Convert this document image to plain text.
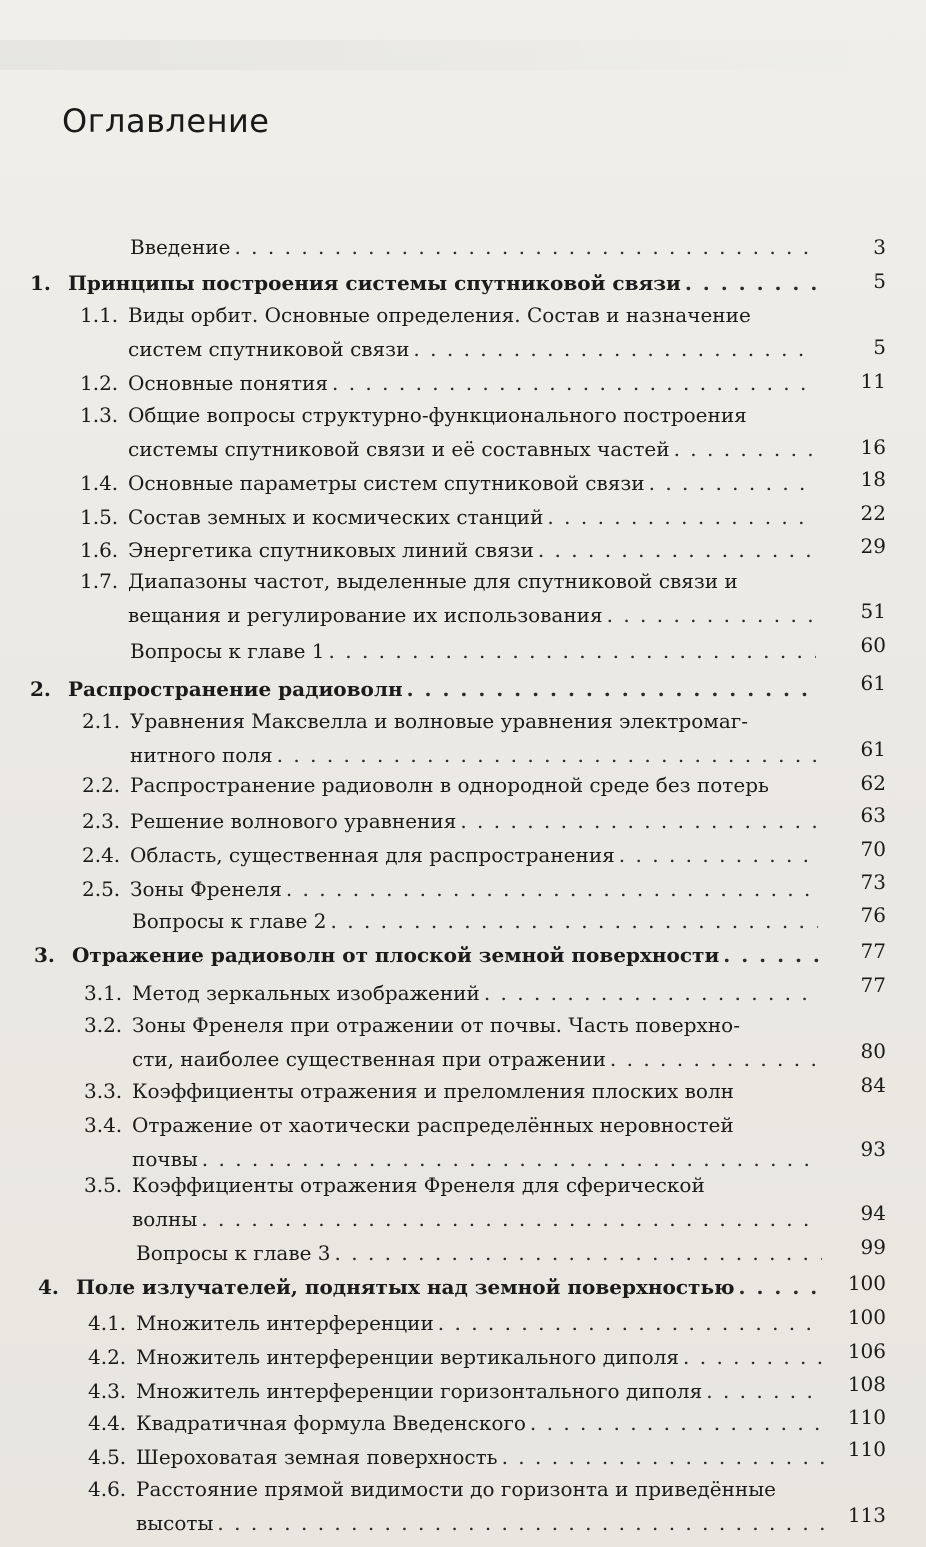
Оглавление
Введение . . .	3
1. Принципы построения системы спутниковой связи . . .	5
1.1. Виды орбит. Основные определения. Состав и назначение
систем спутниковой связи . . .	5
1.2. Основные понятия . . .	11
1.3. Общие вопросы структурно-функционального построения
системы спутниковой связи и её составных частей . . .	16
1.4. Основные параметры систем спутниковой связи . . .	18
1.5. Состав земных и космических станций . . .	22
1.6. Энергетика спутниковых линий связи . . .	29
1.7. Диапазоны частот, выделенные для спутниковой связи и
вещания и регулирование их использования . . .	51
Вопросы к главе 1 . . .	60
2. Распространение радиоволн . . .	61
2.1. Уравнения Максвелла и волновые уравнения электромаг-
нитного поля . . .	61
2.2. Распространение радиоволн в однородной среде без потерь	62
2.3. Решение волнового уравнения . . .	63
2.4. Область, существенная для распространения . . .	70
2.5. Зоны Френеля . . .	73
Вопросы к главе 2 . . .	76
3. Отражение радиоволн от плоской земной поверхности . . .	77
3.1. Метод зеркальных изображений . . .	77
3.2. Зоны Френеля при отражении от почвы. Часть поверхно-
сти, наиболее существенная при отражении . . .	80
3.3. Коэффициенты отражения и преломления плоских волн	84
3.4. Отражение от хаотически распределённых неровностей
почвы . . .	93
3.5. Коэффициенты отражения Френеля для сферической
волны . . .	94
Вопросы к главе 3 . . .	99
4. Поле излучателей, поднятых над земной поверхностью . . .	100
4.1. Множитель интерференции . . .	100
4.2. Множитель интерференции вертикального диполя . . .	106
4.3. Множитель интерференции горизонтального диполя . . .	108
4.4. Квадратичная формула Введенского . . .	110
4.5. Шероховатая земная поверхность . . .	110
4.6. Расстояние прямой видимости до горизонта и приведённые
высоты . . .	113
